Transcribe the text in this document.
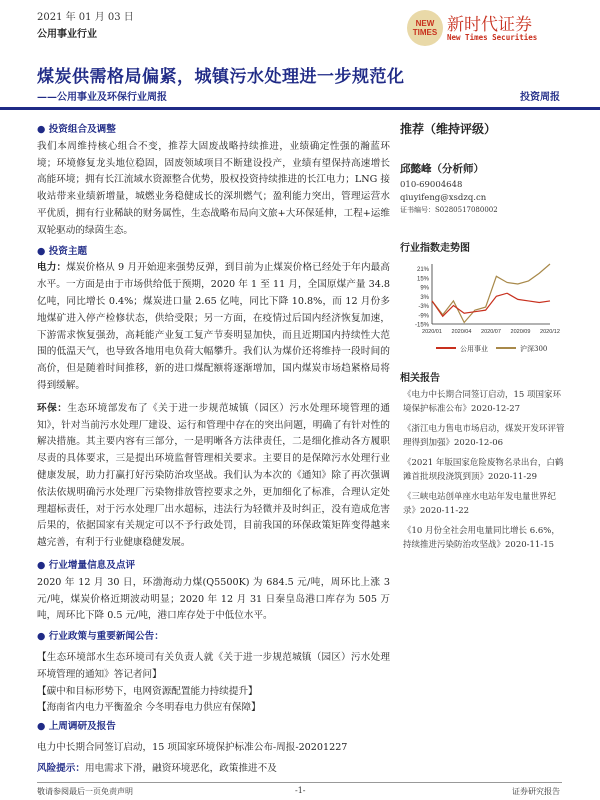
2021 年 01 月 03 日
公用事业行业
NEW
TIMES 新时代证券
New Times Securities
煤炭供需格局偏紧，城镇污水处理进一步规范化
——公用事业及环保行业周报	投资周报
● 投资组合及调整

我们本周维持核心组合不变，推荐大固废战略持续推进，业绩确定性强的瀚蓝环境；环境修复龙头地位稳固，固废领域项目不断建设投产，业绩有望保持高速增长高能环境；拥有长江流域水资源整合优势，股权投资持续推进的长江电力；LNG 接收站带来业绩新增量，城燃业务稳健成长的深圳燃气；盈利能力突出，管理运营水平优质，拥有行业稀缺的财务属性，生态战略布局向文旅+大环保延伸，工程+运维双轮驱动的绿茵生态。

● 投资主题

电力：煤炭价格从 9 月开始迎来强势反弹，到目前为止煤炭价格已经处于年内最高水平。一方面是由于市场供给低于预期，2020 年 1 至 11 月，全国原煤产量 34.8 亿吨，同比增长 0.4%；煤炭进口量 2.65 亿吨，同比下降 10.8%，而 12 月份多地煤矿进入停产检修状态，供给受限；另一方面，在疫情过后国内经济恢复加速，下游需求恢复强劲，高耗能产业复工复产节奏明显加快，而且近期国内持续性大范围的低温天气，也导致各地用电负荷大幅攀升。我们认为煤价还将维持一段时间的高价，但是随着时间推移，新的进口煤配额将逐渐增加，国内煤炭市场趋紧格局将得到缓解。

环保：生态环境部发布了《关于进一步规范城镇（园区）污水处理环境管理的通知》，针对当前污水处理厂建设、运行和管理中存在的突出问题，明确了有针对性的解决措施。其主要内容有三部分，一是明晰各方法律责任，二是细化推动各方履职尽责的具体要求，三是提出环境监督管理相关要求。主要目的是保障污水处理行业健康发展，助力打赢打好污染防治攻坚战。我们认为本次的《通知》除了再次强调依法依规明确污水处理厂污染物排放管控要求之外，更加细化了标准，合理认定处理超标责任，对于污水处理厂出水超标，违法行为轻微并及时纠正，没有造成危害后果的，依据国家有关规定可以不予行政处罚，目前我国的环保政策矩阵变得越来越完善，有利于行业健康稳健发展。

● 行业增量信息及点评

2020 年 12 月 30 日，环渤海动力煤(Q5500K) 为 684.5 元/吨，周环比上涨 3 元/吨，煤炭价格近期波动明显；2020 年 12 月 31 日秦皇岛港口库存为 505 万吨，周环比下降 0.5 元/吨，港口库存处于中低位水平。

● 行业政策与重要新闻公告：
【生态环境部水生态环境司有关负责人就《关于进一步规范城镇（园区）污水处理环境管理的通知》答记者问】
【碳中和目标形势下，电网资源配置能力持续提升】
【海南省内电力平衡盈余 今冬明春电力供应有保障】
● 上周调研及报告

电力中长期合同签订启动，15 项国家环境保护标准公布-周报-20201227

风险提示：用电需求下滑，融资环境恶化，政策推进不及

推荐（维持评级）
邱懿峰（分析师）
010-69004648
qiuyifeng@xsdzq.cn
证书编号：S0280517080002
行业指数走势图
21%
15%
9%
3%
-3%
-9%
-15%
2020/01 2020/04 2020/07 2020/09 2020/12
公用事业	沪深300
相关报告
《电力中长期合同签订启动，15 项国家环境保护标准公布》2020-12-27
《浙江电力售电市场启动，煤炭开发环评管理得到加强》2020-12-06
《2021 年版国家危险废物名录出台，白鹤滩首批坝段浇筑到顶》2020-11-29
《三峡电站创单座水电站年发电量世界纪录》2020-11-22
《10 月份全社会用电量同比增长 6.6%，持续推进污染防治攻坚战》2020-11-15
敬请参阅最后一页免责声明	-1-	证券研究报告
